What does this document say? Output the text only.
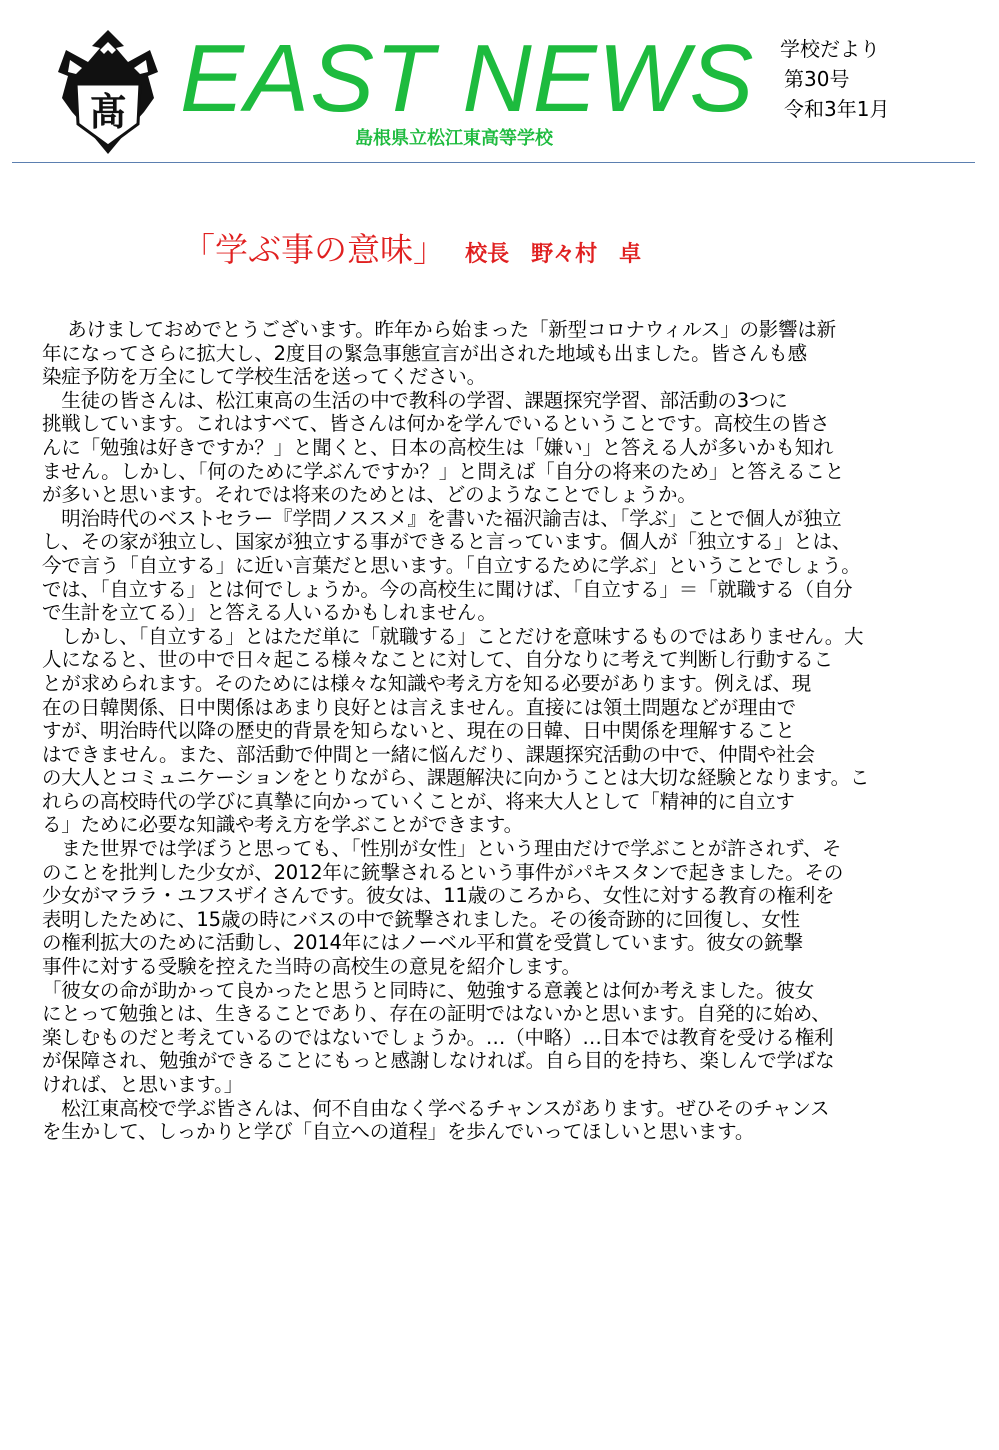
髙 EAST NEWS
島根県立松江東高等学校
学校だより
第30号
令和3年1月
「学ぶ事の意味」 校長　野々村　卓

　 あけましておめでとうございます。昨年から始まった「新型コロナウィルス」の影響は新

年になってさらに拡大し、2度目の緊急事態宣言が出された地域も出ました。皆さんも感

染症予防を万全にして学校生活を送ってください。

　生徒の皆さんは、松江東高の生活の中で教科の学習、課題探究学習、部活動の3つに

挑戦しています。これはすべて、皆さんは何かを学んでいるということです。高校生の皆さ

んに「勉強は好きですか？」と聞くと、日本の高校生は「嫌い」と答える人が多いかも知れ

ません。しかし、「何のために学ぶんですか？」と問えば「自分の将来のため」と答えること

が多いと思います。それでは将来のためとは、どのようなことでしょうか。

　明治時代のベストセラー『学問ノススメ』を書いた福沢諭吉は、「学ぶ」ことで個人が独立

し、その家が独立し、国家が独立する事ができると言っています。個人が「独立する」とは、

今で言う「自立する」に近い言葉だと思います。「自立するために学ぶ」ということでしょう。

では、「自立する」とは何でしょうか。今の高校生に聞けば、「自立する」＝「就職する（自分

で生計を立てる）」と答える人いるかもしれません。

　しかし、「自立する」とはただ単に「就職する」ことだけを意味するものではありません。大

人になると、世の中で日々起こる様々なことに対して、自分なりに考えて判断し行動するこ

とが求められます。そのためには様々な知識や考え方を知る必要があります。例えば、現

在の日韓関係、日中関係はあまり良好とは言えません。直接には領土問題などが理由で

すが、明治時代以降の歴史的背景を知らないと、現在の日韓、日中関係を理解すること

はできません。また、部活動で仲間と一緒に悩んだり、課題探究活動の中で、仲間や社会

の大人とコミュニケーションをとりながら、課題解決に向かうことは大切な経験となります。こ

れらの高校時代の学びに真摯に向かっていくことが、将来大人として「精神的に自立す

る」ために必要な知識や考え方を学ぶことができます。

　また世界では学ぼうと思っても、「性別が女性」という理由だけで学ぶことが許されず、そ

のことを批判した少女が、2012年に銃撃されるという事件がパキスタンで起きました。その

少女がマララ・ユフスザイさんです。彼女は、11歳のころから、女性に対する教育の権利を

表明したために、15歳の時にバスの中で銃撃されました。その後奇跡的に回復し、女性

の権利拡大のために活動し、2014年にはノーベル平和賞を受賞しています。彼女の銃撃

事件に対する受験を控えた当時の高校生の意見を紹介します。

「彼女の命が助かって良かったと思うと同時に、勉強する意義とは何か考えました。彼女

にとって勉強とは、生きることであり、存在の証明ではないかと思います。自発的に始め、

楽しむものだと考えているのではないでしょうか。…（中略）…日本では教育を受ける権利

が保障され、勉強ができることにもっと感謝しなければ。自ら目的を持ち、楽しんで学ばな

ければ、と思います。」

　松江東高校で学ぶ皆さんは、何不自由なく学べるチャンスがあります。ぜひそのチャンス

を生かして、しっかりと学び「自立への道程」を歩んでいってほしいと思います。
